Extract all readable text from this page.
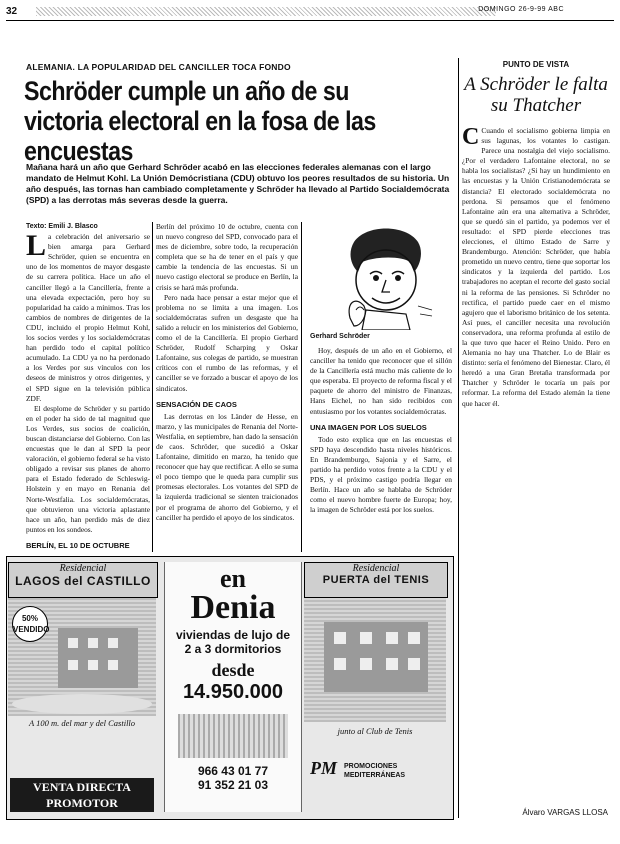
32	DOMINGO 26-9-99 ABC
ALEMANIA. LA POPULARIDAD DEL CANCILLER TOCA FONDO
Schröder cumple un año de su victoria electoral en la fosa de las encuestas
Mañana hará un año que Gerhard Schröder acabó en las elecciones federales alemanas con el largo mandato de Helmut Kohl. La Unión Demócristiana (CDU) obtuvo los peores resultados de su historia. Un año después, las tornas han cambiado completamente y Schröder ha llevado al Partido Socialdemócrata (SPD) a las derrotas más severas desde la guerra.
Texto: Emili J. Blasco

La celebración del aniversario se bien amarga para Gerhard Schröder, quien se encuentra en uno de los momentos de mayor desgaste de su carrera política. Hace un año el canciller llegó a la Cancillería, frente a una elevada expectación, pero hoy su popularidad ha caído a mínimos. Tras los cambios de nombres de dirigentes de la CDU, incluido el propio Helmut Kohl, los socios verdes y los socialdemócratas han perdido todo el capital político acumulado. La CDU ya no ha perdonado a los Verdes por sus vínculos con los deseos de ministros y otros dirigentes, y el SPD sigue en la televisión pública ZDF.

El desplome de Schröder y su partido en el poder ha sido de tal magnitud que Los Verdes, sus socios de coalición, buscan distanciarse del Gobierno. Con las encuestas que le dan al SPD la peor valoración, el gobierno federal se ha visto obligado a revisar sus planes de ahorro para el Estado federado de Schleswig-Holstein y en mayo en Renania del Norte-Westfalia. Los socialdemócratas, que obtuvieron una victoria aplastante hace un año, han perdido más de diez puntos en los sondeos.

BERLÍN, EL 10 DE OCTUBRE

Berlín del próximo 10 de octubre, cuenta con un nuevo congreso del SPD, convocado para el mes de diciembre, sobre todo, la recuperación completa que se ha de tener en el país y que cambie la tendencia de las encuestas. Si un nuevo castigo electoral se produce en Berlín, la crisis se hará más profunda.

Pero nada hace pensar a estar mejor que el problema no se limita a una imagen. Los socialdemócratas sufren un desgaste que ha salido a relucir en los ministerios del Gobierno, como el de la Cancillería. El propio Gerhard Schröder, Rudolf Scharping y Oskar Lafontaine, sus colegas de partido, se muestran críticos con el rumbo de las reformas, y el canciller se ve forzado a buscar el apoyo de los sindicatos.

SENSACIÓN DE CAOS

Las derrotas en los Länder de Hesse, en marzo, y las municipales de Renania del Norte-Westfalia, en septiembre, han dado la sensación de caos. Schröder, que sucedió a Oskar Lafontaine, dimitido en marzo, ha tenido que reconocer que hay que rectificar. A ello se suma el poco tiempo que le queda para cumplir sus promesas electorales. Los votantes del SPD de la izquierda tradicional se sienten traicionados por el programa de ahorro del Gobierno, y el canciller ha perdido el apoyo de los sindicatos.

Gerhard Schröder

Hoy, después de un año en el Gobierno, el canciller ha tenido que reconocer que el sillón de la Cancillería está mucho más caliente de lo que esperaba. El proyecto de reforma fiscal y el paquete de ahorro del ministro de Finanzas, Hans Eichel, no han sido recibidos con entusiasmo por los votantes socialdemócratas.

UNA IMAGEN POR LOS SUELOS

Todo esto explica que en las encuestas el SPD haya descendido hasta niveles históricos. En Brandemburgo, Sajonia y el Sarre, el partido ha perdido votos frente a la CDU y el PDS, y el próximo castigo podría llegar en Berlín. Hace un año se hablaba de Schröder como el nuevo hombre fuerte de Europa; hoy, la imagen de Schröder está por los suelos.

PUNTO DE VISTA
A Schröder le falta su Thatcher

C Cuando el socialismo gobierna limpia en sus lagunas, los votantes lo castigan. Parece una nostalgia del viejo socialismo. ¿Por el verdadero Lafontaine electoral, no se habla los socialistas? ¿Si hay un hundimiento en las encuestas y la Unión Cristianodemócrata se distancia? El electorado socialdemócrata no perdona. Si pensamos que el fenómeno Lafontaine aún era una alternativa a Schröder, que se quedó sin el partido, ya podemos ver el resultado: el SPD pierde elecciones tras elecciones, el último Estado de Sarre y Brandemburgo. Atención: Schröder, que había prometido un nuevo centro, tiene que soportar los sindicatos y la izquierda del partido. Los trabajadores no aceptan el recorte del gasto social ni la reforma de las pensiones. Si Schröder no rectifica, el partido puede caer en el mismo agujero que el laborismo británico de los setenta. Así pues, el canciller necesita una revolución conservadora, una reforma profunda al estilo de la que tuvo que hacer el Reino Unido. Pero en Alemania no hay una Thatcher. Lo de Blair es distinto: sería el fenómeno del Bienestar. Claro, él heredó a una Gran Bretaña transformada por Thatcher y Schröder le tocaría un país por reformar. La reforma del Estado alemán la tiene que hacer él.

Álvaro VARGAS LLOSA
Residencial
LAGOS del CASTILLO
50% VENDIDO
A 100 m. del mar y del Castillo
VENTA DIRECTA PROMOTOR
en
Denia
viviendas de lujo de 2 a 3 dormitorios
desde
14.950.000
966 43 01 77
91 352 21 03
Residencial
PUERTA del TENIS
junto al Club de Tenis
PM PROMOCIONES MEDITERRÁNEAS
